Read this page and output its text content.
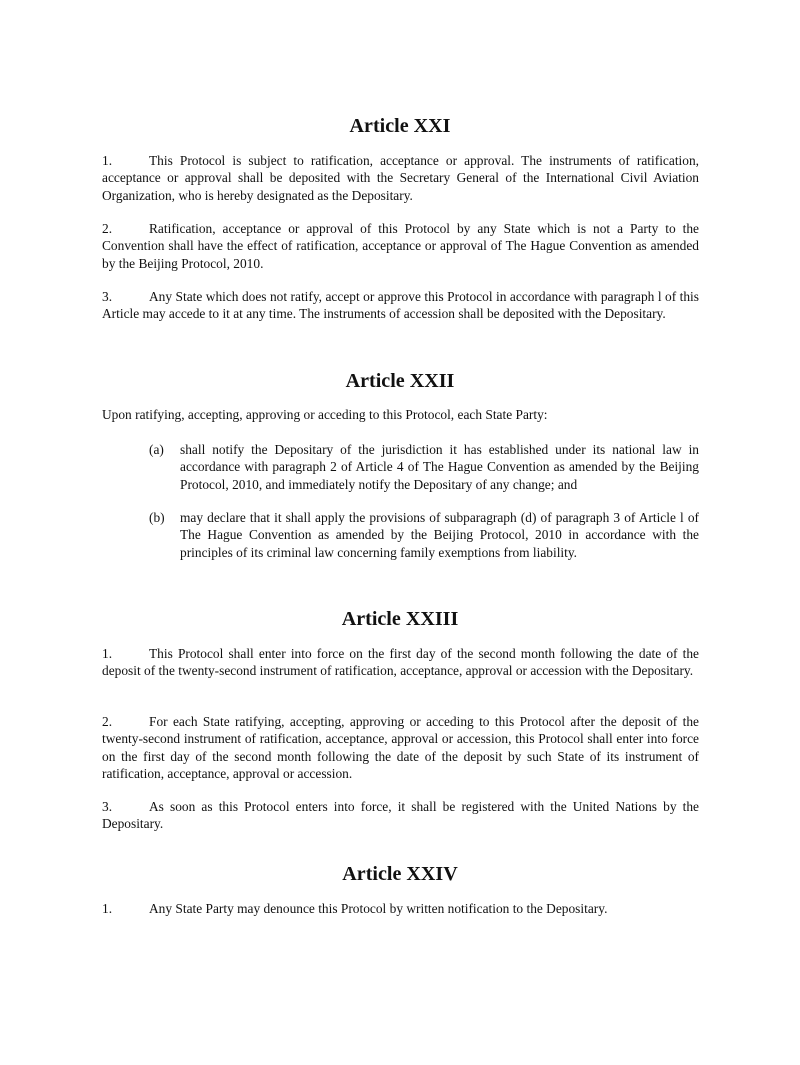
Article XXI

1.	This Protocol is subject to ratification, acceptance or approval. The instruments of ratification, acceptance or approval shall be deposited with the Secretary General of the International Civil Aviation Organization, who is hereby designated as the Depositary.

2.	Ratification, acceptance or approval of this Protocol by any State which is not a Party to the Convention shall have the effect of ratification, acceptance or approval of The Hague Convention as amended by the Beijing Protocol, 2010.

3.	Any State which does not ratify, accept or approve this Protocol in accordance with paragraph l of this Article may accede to it at any time. The instruments of accession shall be deposited with the Depositary.

Article XXII

Upon ratifying, accepting, approving or acceding to this Protocol, each State Party:

(a) shall notify the Depositary of the jurisdiction it has established under its national law in accordance with paragraph 2 of Article 4 of The Hague Convention as amended by the Beijing Protocol, 2010, and immediately notify the Depositary of any change; and
(b) may declare that it shall apply the provisions of subparagraph (d) of paragraph 3 of Article l of The Hague Convention as amended by the Beijing Protocol, 2010 in accordance with the principles of its criminal law concerning family exemptions from liability.
Article XXIII

1.	This Protocol shall enter into force on the first day of the second month following the date of the deposit of the twenty-second instrument of ratification, acceptance, approval or accession with the Depositary.

2.	For each State ratifying, accepting, approving or acceding to this Protocol after the deposit of the twenty-second instrument of ratification, acceptance, approval or accession, this Protocol shall enter into force on the first day of the second month following the date of the deposit by such State of its instrument of ratification, acceptance, approval or accession.

3.	As soon as this Protocol enters into force, it shall be registered with the United Nations by the Depositary.

Article XXIV

1.	Any State Party may denounce this Protocol by written notification to the Depositary.
